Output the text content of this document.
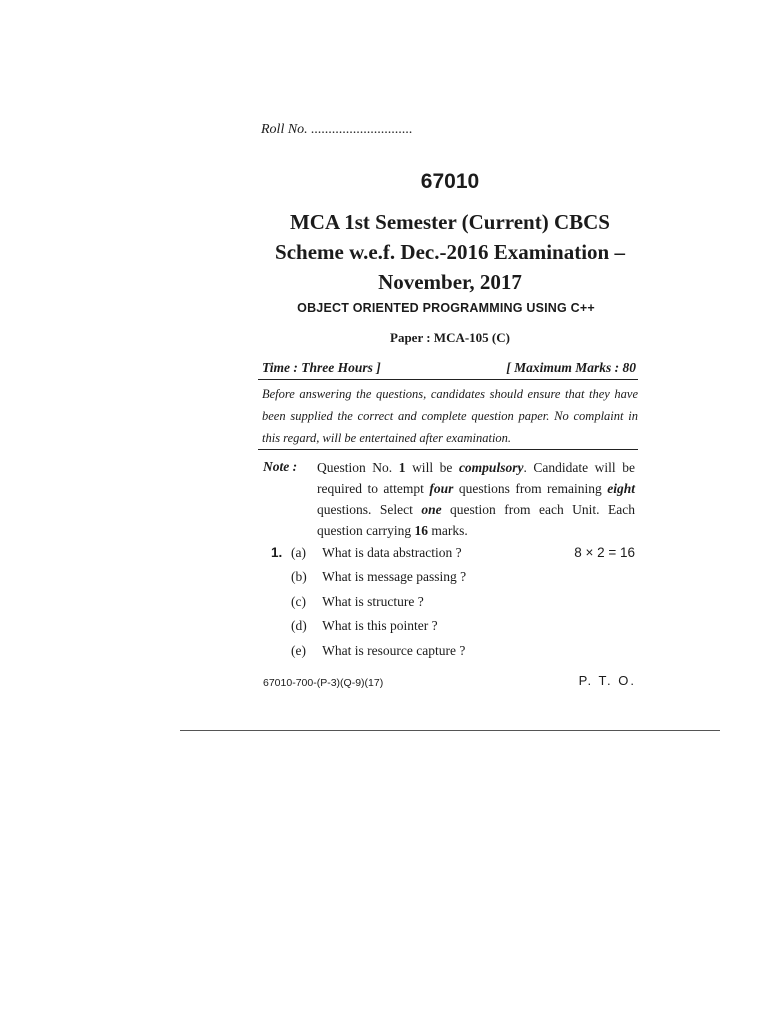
Roll No. .............................
67010
MCA 1st Semester (Current) CBCS
Scheme w.e.f. Dec.-2016 Examination –
November, 2017
OBJECT ORIENTED PROGRAMMING USING C++
Paper : MCA-105 (C)
Time : Three Hours ]	[ Maximum Marks : 80
Before answering the questions, candidates should ensure that they have been supplied the correct and complete question paper. No complaint in this regard, will be entertained after examination.
Note : Question No. 1 will be compulsory. Candidate will be required to attempt four questions from remaining eight questions. Select one question from each Unit. Each question carrying 16 marks.
1.	8 × 2 = 16
(a) What is data abstraction ?
(b) What is message passing ?
(c) What is structure ?
(d) What is this pointer ?
(e) What is resource capture ?
67010-700-(P-3)(Q-9)(17)	P. T. O.
